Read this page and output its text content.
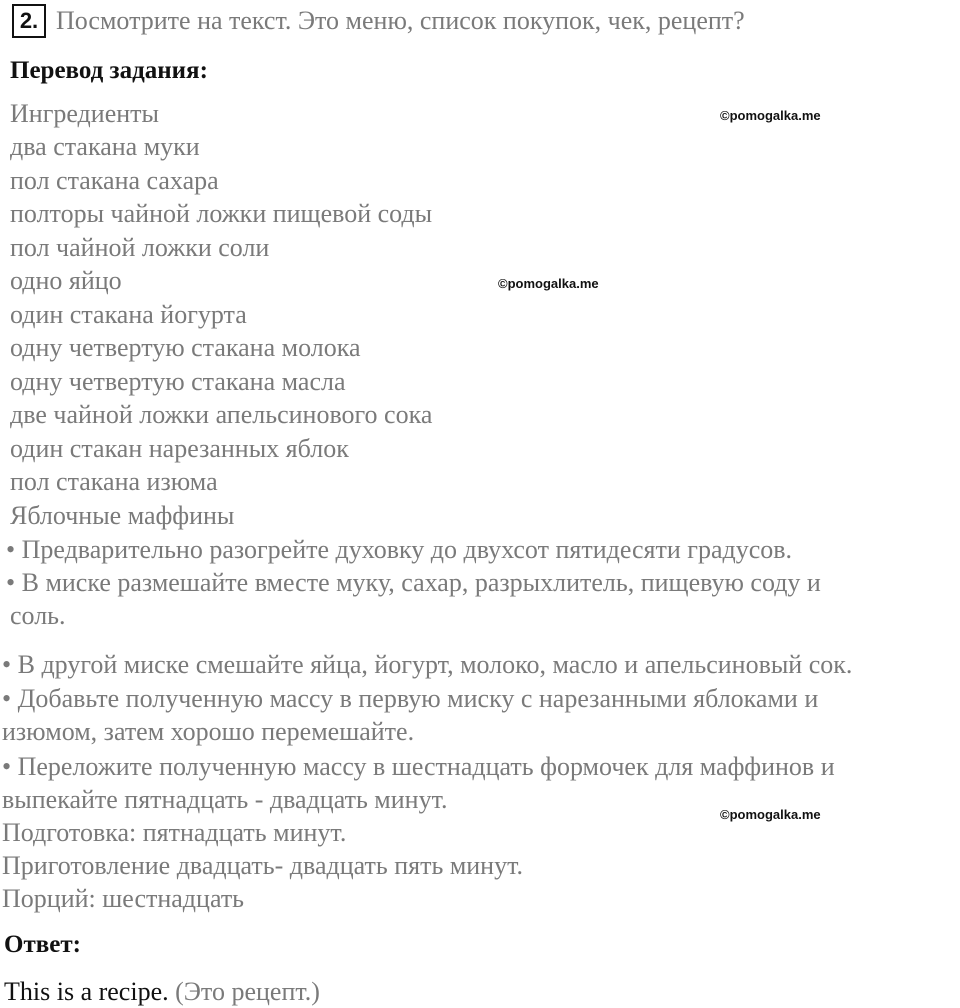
2. Посмотрите на текст. Это меню, список покупок, чек, рецепт?
Перевод задания:
Ингредиенты
два стакана муки
пол стакана сахара
полторы чайной ложки пищевой соды
пол чайной ложки соли
одно яйцо
один стакана йогурта
одну четвертую стакана молока
одну четвертую стакана масла
две чайной ложки апельсинового сока
один стакан нарезанных яблок
пол стакана изюма
Яблочные маффины
• Предварительно разогрейте духовку до двухсот пятидесяти градусов.
• В миске размешайте вместе муку, сахар, разрыхлитель, пищевую соду и
соль.
• В другой миске смешайте яйца, йогурт, молоко, масло и апельсиновый сок.
• Добавьте полученную массу в первую миску с нарезанными яблоками и
изюмом, затем хорошо перемешайте.
• Переложите полученную массу в шестнадцать формочек для маффинов и
выпекайте пятнадцать - двадцать минут.
Подготовка: пятнадцать минут.
Приготовление двадцать- двадцать пять минут.
Порций: шестнадцать
Ответ:
This is a recipe. (Это рецепт.)
©pomogalka.me
©pomogalka.me
©pomogalka.me
